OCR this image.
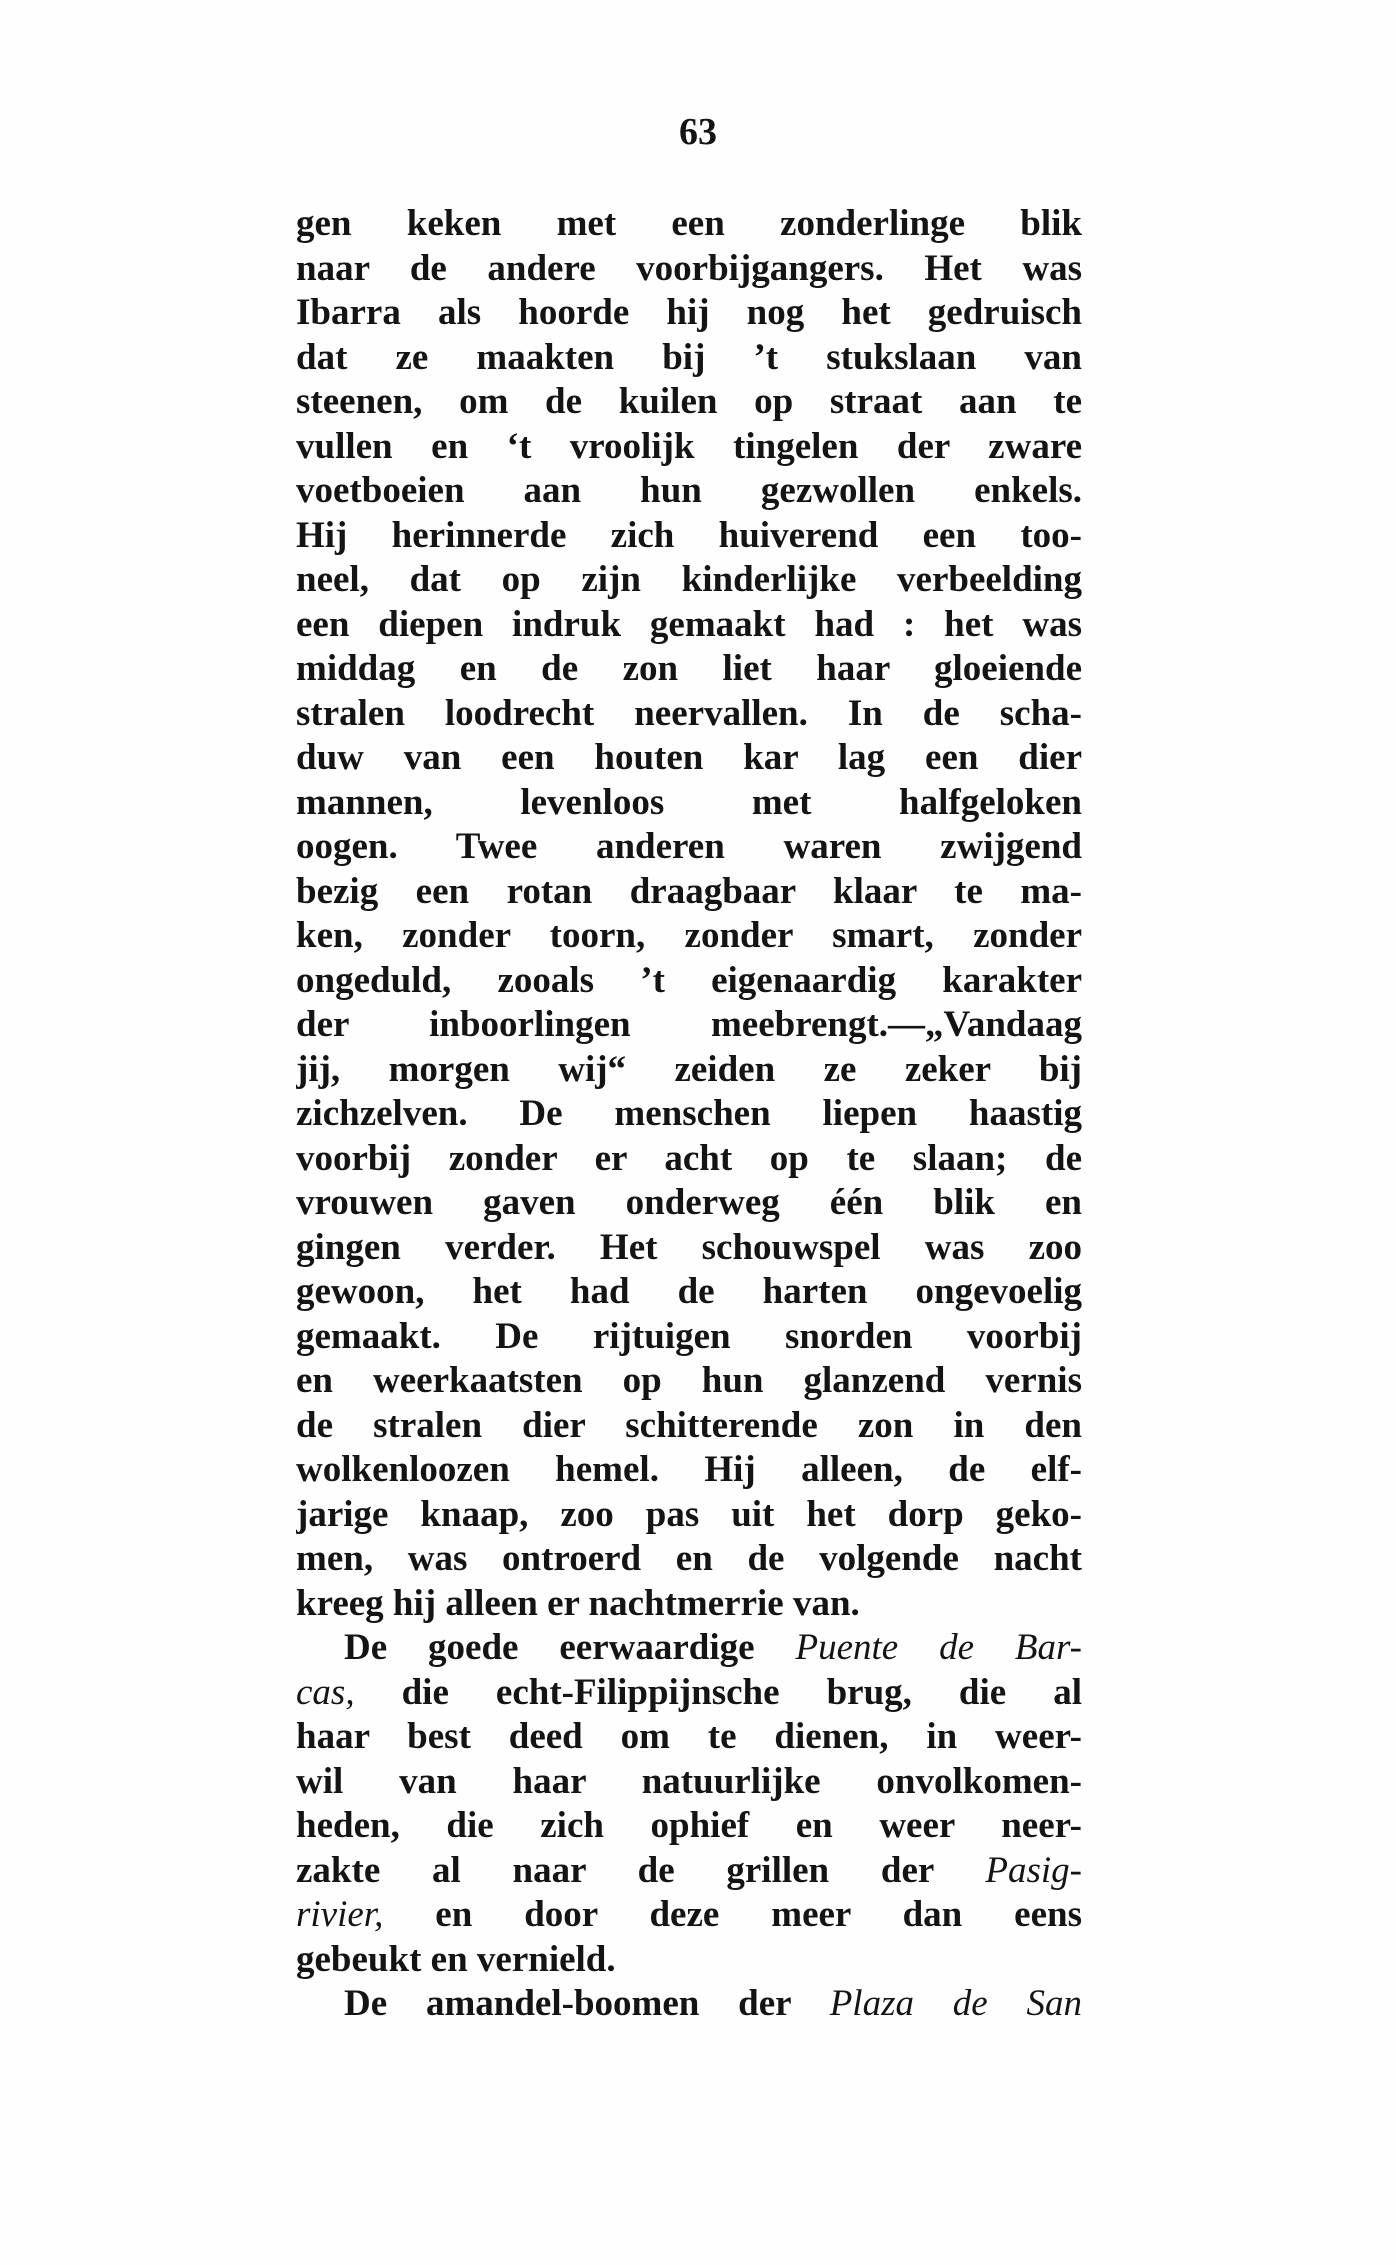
63
gen keken met een zonderlinge blik
naar de andere voorbijgangers. Het was
Ibarra als hoorde hij nog het gedruisch
dat ze maakten bij ’t stukslaan van
steenen, om de kuilen op straat aan te
vullen en ‘t vroolijk tingelen der zware
voetboeien aan hun gezwollen enkels.
Hij herinnerde zich huiverend een too-
neel, dat op zijn kinderlijke verbeelding
een diepen indruk gemaakt had : het was
middag en de zon liet haar gloeiende
stralen loodrecht neervallen. In de scha-
duw van een houten kar lag een dier
mannen, levenloos met halfgeloken
oogen. Twee anderen waren zwijgend
bezig een rotan draagbaar klaar te ma-
ken, zonder toorn, zonder smart, zonder
ongeduld, zooals ’t eigenaardig karakter
der inboorlingen meebrengt.—„Vandaag
jij, morgen wij“ zeiden ze zeker bij
zichzelven. De menschen liepen haastig
voorbij zonder er acht op te slaan; de
vrouwen gaven onderweg één blik en
gingen verder. Het schouwspel was zoo
gewoon, het had de harten ongevoelig
gemaakt. De rijtuigen snorden voorbij
en weerkaatsten op hun glanzend vernis
de stralen dier schitterende zon in den
wolkenloozen hemel. Hij alleen, de elf-
jarige knaap, zoo pas uit het dorp geko-
men, was ontroerd en de volgende nacht
kreeg hij alleen er nachtmerrie van.
De goede eerwaardige Puente de Bar-
cas, die echt-Filippijnsche brug, die al
haar best deed om te dienen, in weer-
wil van haar natuurlijke onvolkomen-
heden, die zich ophief en weer neer-
zakte al naar de grillen der Pasig-
rivier, en door deze meer dan eens
gebeukt en vernield.
De amandel-boomen der Plaza de San
